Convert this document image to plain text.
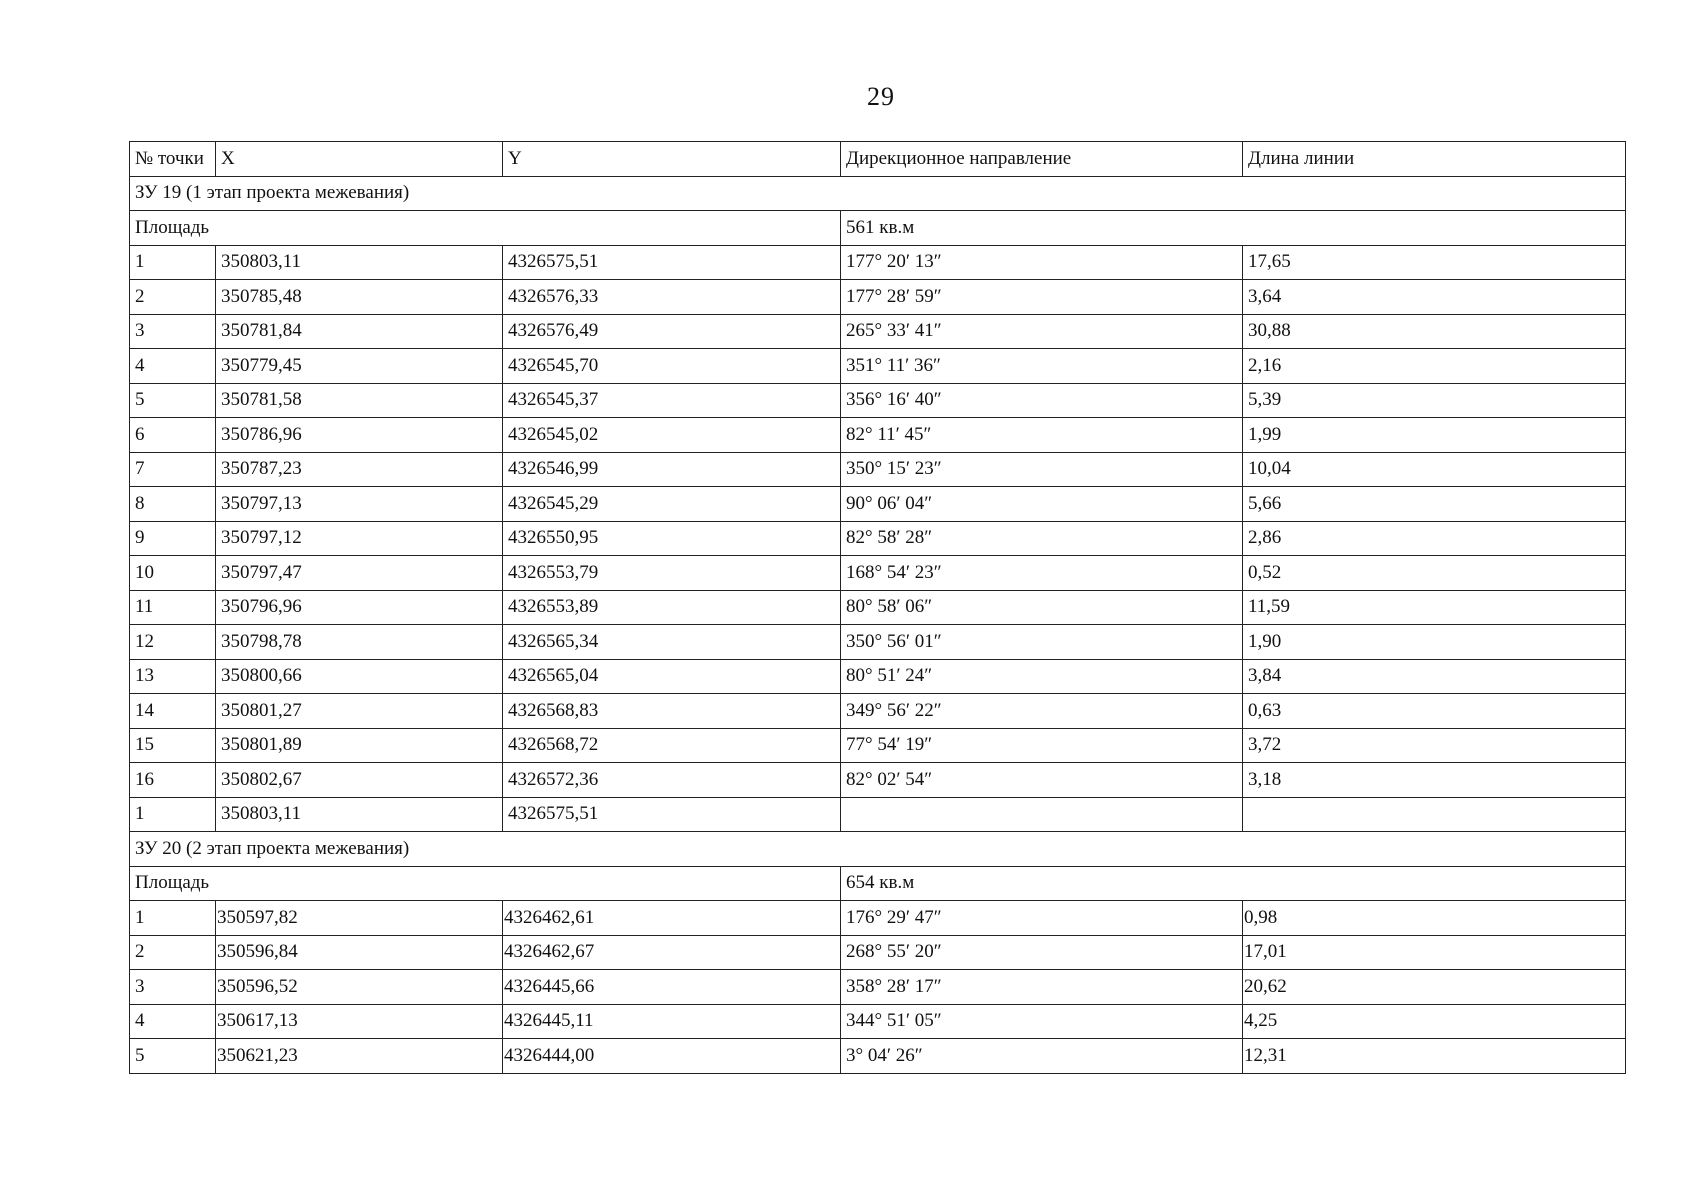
29
№ точки	X	Y	Дирекционное направление	Длина линии
ЗУ 19 (1 этап проекта межевания)				
Площадь			561 кв.м	
1	350803,11	4326575,51	177° 20′ 13″	17,65
2	350785,48	4326576,33	177° 28′ 59″	3,64
3	350781,84	4326576,49	265° 33′ 41″	30,88
4	350779,45	4326545,70	351° 11′ 36″	2,16
5	350781,58	4326545,37	356° 16′ 40″	5,39
6	350786,96	4326545,02	82° 11′ 45″	1,99
7	350787,23	4326546,99	350° 15′ 23″	10,04
8	350797,13	4326545,29	90° 06′ 04″	5,66
9	350797,12	4326550,95	82° 58′ 28″	2,86
10	350797,47	4326553,79	168° 54′ 23″	0,52
11	350796,96	4326553,89	80° 58′ 06″	11,59
12	350798,78	4326565,34	350° 56′ 01″	1,90
13	350800,66	4326565,04	80° 51′ 24″	3,84
14	350801,27	4326568,83	349° 56′ 22″	0,63
15	350801,89	4326568,72	77° 54′ 19″	3,72
16	350802,67	4326572,36	82° 02′ 54″	3,18
1	350803,11	4326575,51		
ЗУ 20 (2 этап проекта межевания)				
Площадь			654 кв.м	
1	350597,82	4326462,61	176° 29′ 47″	0,98
2	350596,84	4326462,67	268° 55′ 20″	17,01
3	350596,52	4326445,66	358° 28′ 17″	20,62
4	350617,13	4326445,11	344° 51′ 05″	4,25
5	350621,23	4326444,00	3° 04′ 26″	12,31
